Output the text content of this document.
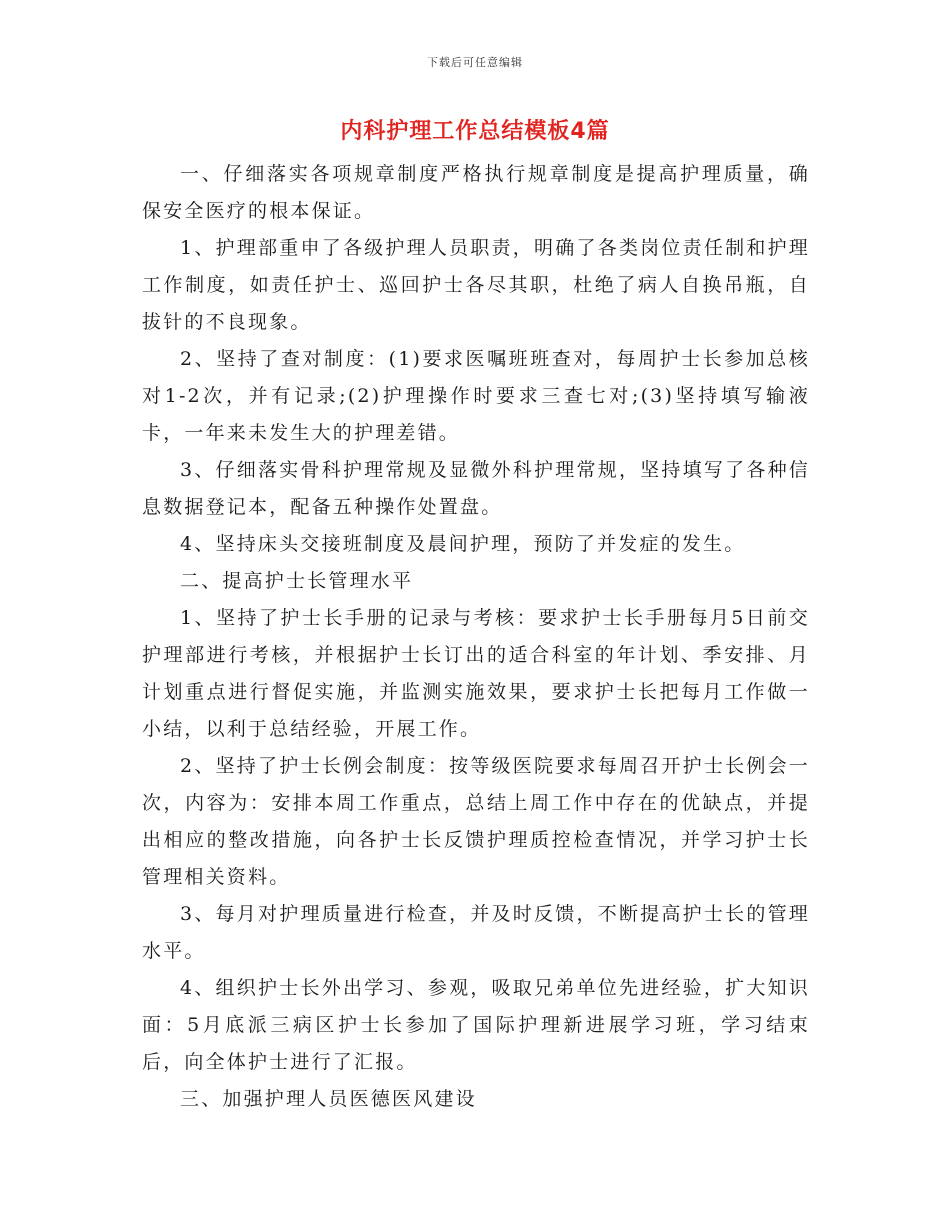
下载后可任意编辑
内科护理工作总结模板4篇

一、仔细落实各项规章制度严格执行规章制度是提高护理质量，确保安全医疗的根本保证。

1、护理部重申了各级护理人员职责，明确了各类岗位责任制和护理工作制度，如责任护士、巡回护士各尽其职，杜绝了病人自换吊瓶，自拔针的不良现象。

2、坚持了查对制度：(1)要求医嘱班班查对，每周护士长参加总核对1-2次，并有记录;(2)护理操作时要求三查七对;(3)坚持填写输液卡，一年来未发生大的护理差错。

3、仔细落实骨科护理常规及显微外科护理常规，坚持填写了各种信息数据登记本，配备五种操作处置盘。

4、坚持床头交接班制度及晨间护理，预防了并发症的发生。

二、提高护士长管理水平

1、坚持了护士长手册的记录与考核：要求护士长手册每月5日前交护理部进行考核，并根据护士长订出的适合科室的年计划、季安排、月计划重点进行督促实施，并监测实施效果，要求护士长把每月工作做一小结，以利于总结经验，开展工作。

2、坚持了护士长例会制度：按等级医院要求每周召开护士长例会一次，内容为：安排本周工作重点，总结上周工作中存在的优缺点，并提出相应的整改措施，向各护士长反馈护理质控检查情况，并学习护士长管理相关资料。

3、每月对护理质量进行检查，并及时反馈，不断提高护士长的管理水平。

4、组织护士长外出学习、参观，吸取兄弟单位先进经验，扩大知识面：5月底派三病区护士长参加了国际护理新进展学习班，学习结束后，向全体护士进行了汇报。

三、加强护理人员医德医风建设
